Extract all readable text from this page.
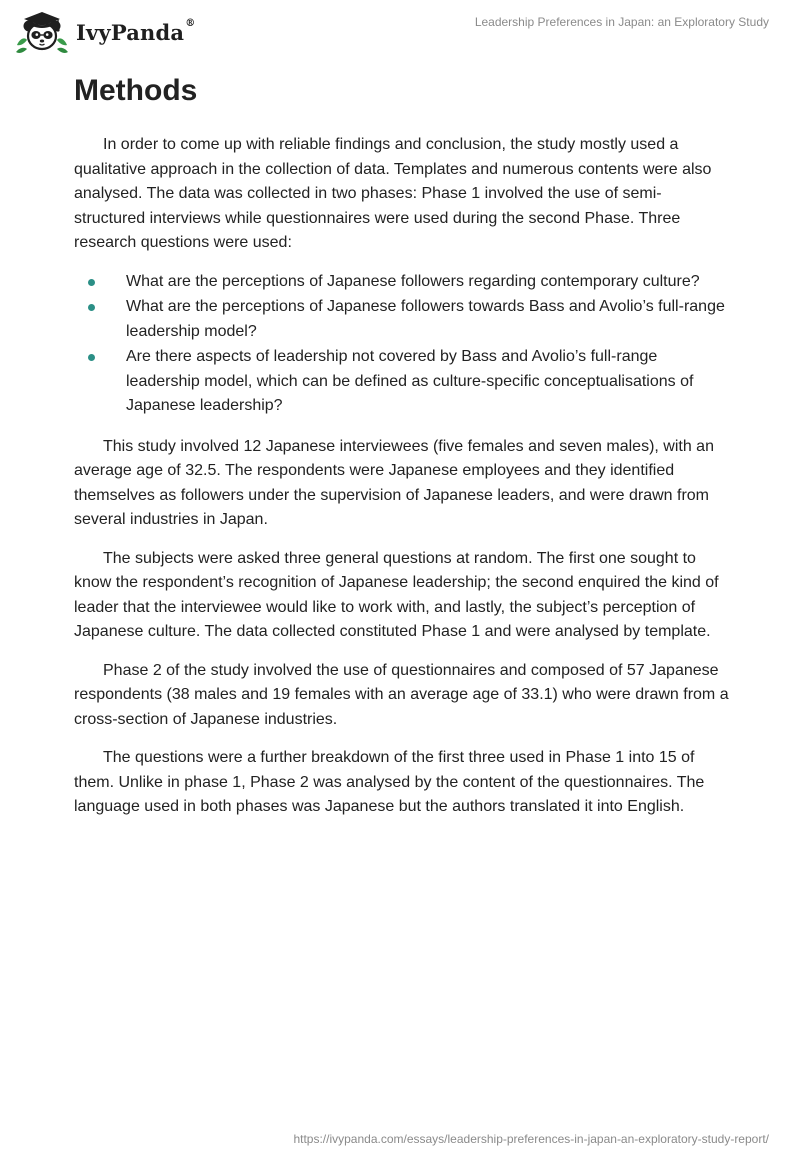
IvyPanda®	Leadership Preferences in Japan: an Exploratory Study
Methods

In order to come up with reliable findings and conclusion, the study mostly used a qualitative approach in the collection of data. Templates and numerous contents were also analysed. The data was collected in two phases: Phase 1 involved the use of semi-structured interviews while questionnaires were used during the second Phase. Three research questions were used:

What are the perceptions of Japanese followers regarding contemporary culture?
What are the perceptions of Japanese followers towards Bass and Avolio’s full-range leadership model?
Are there aspects of leadership not covered by Bass and Avolio’s full-range leadership model, which can be defined as culture-specific conceptualisations of Japanese leadership?

This study involved 12 Japanese interviewees (five females and seven males), with an average age of 32.5. The respondents were Japanese employees and they identified themselves as followers under the supervision of Japanese leaders, and were drawn from several industries in Japan.

The subjects were asked three general questions at random. The first one sought to know the respondent’s recognition of Japanese leadership; the second enquired the kind of leader that the interviewee would like to work with, and lastly, the subject’s perception of Japanese culture. The data collected constituted Phase 1 and were analysed by template.

Phase 2 of the study involved the use of questionnaires and composed of 57 Japanese respondents (38 males and 19 females with an average age of 33.1) who were drawn from a cross-section of Japanese industries.

The questions were a further breakdown of the first three used in Phase 1 into 15 of them. Unlike in phase 1, Phase 2 was analysed by the content of the questionnaires. The language used in both phases was Japanese but the authors translated it into English.

https://ivypanda.com/essays/leadership-preferences-in-japan-an-exploratory-study-report/
